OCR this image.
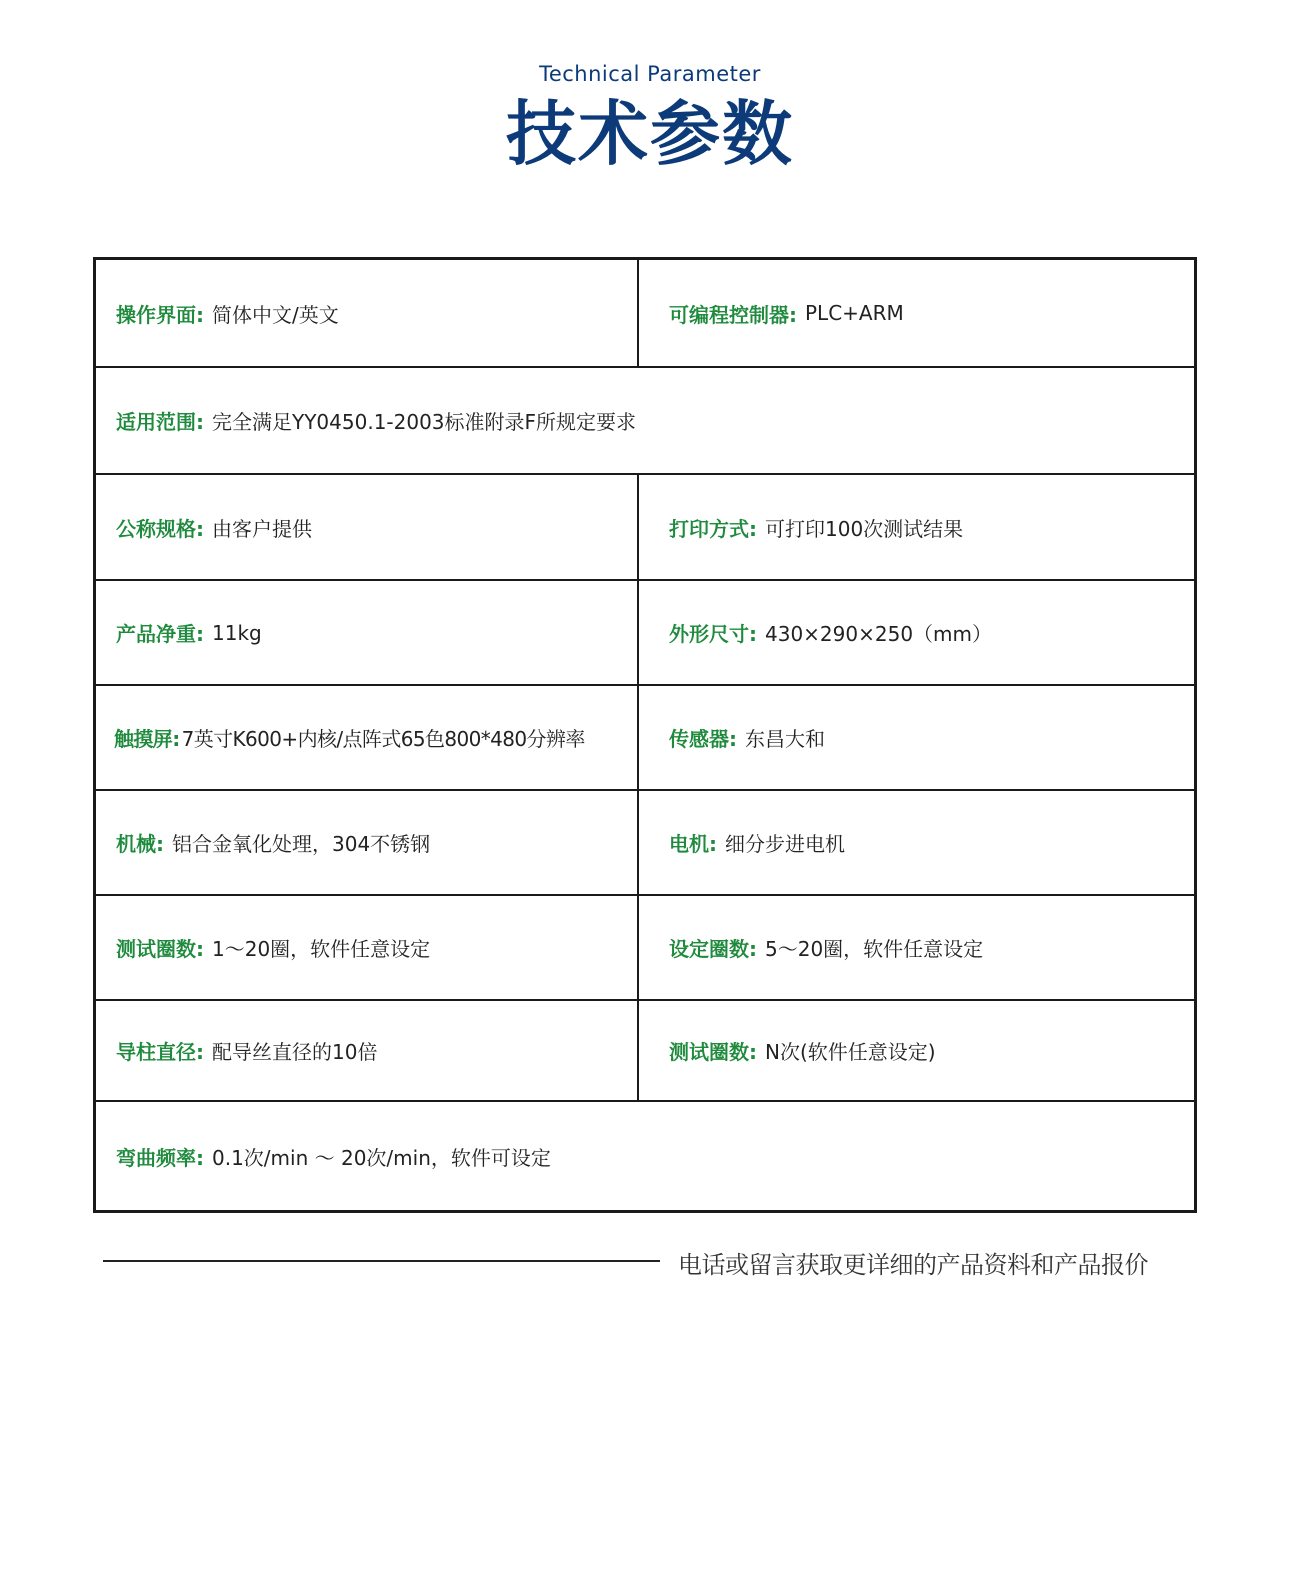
Technical Parameter
技术参数
操作界面: 简体中文/英文	可编程控制器: PLC+ARM
适用范围: 完全满足YY0450.1-2003标准附录F所规定要求
公称规格: 由客户提供	打印方式: 可打印100次测试结果
产品净重: 11kg	外形尺寸: 430×290×250（mm）
触摸屏: 7英寸K600+内核/点阵式65色800*480分辨率	传感器: 东昌大和
机械: 铝合金氧化处理，304不锈钢	电机: 细分步进电机
测试圈数: 1～20圈，软件任意设定	设定圈数: 5～20圈，软件任意设定
导柱直径: 配导丝直径的10倍	测试圈数: N次(软件任意设定)
弯曲频率: 0.1次/min ～ 20次/min，软件可设定
电话或留言获取更详细的产品资料和产品报价
